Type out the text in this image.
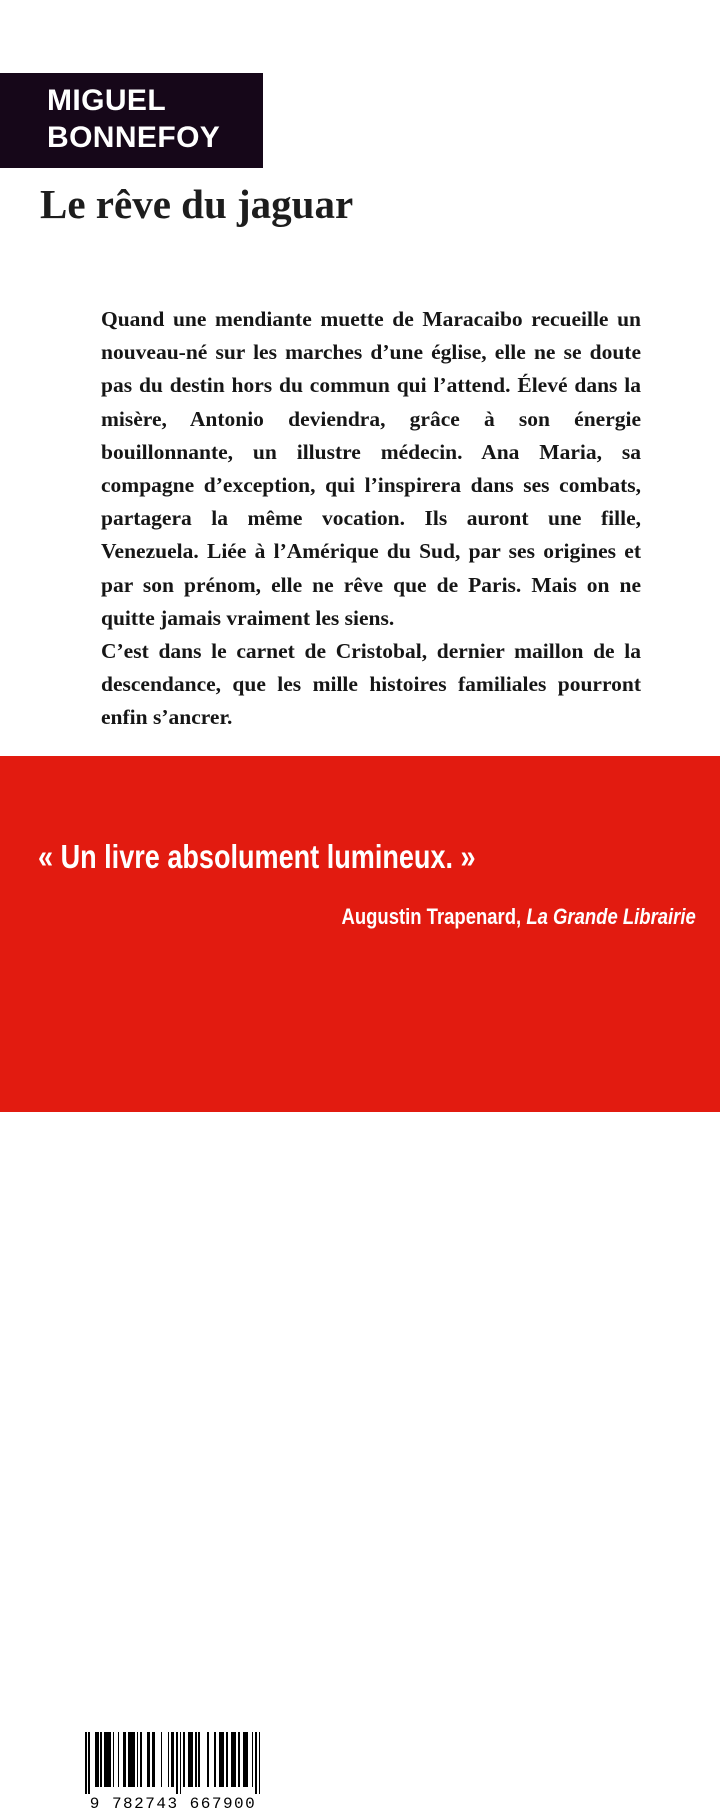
MIGUEL
BONNEFOY
Le rêve du jaguar

Quand une mendiante muette de Maracaibo recueille un nouveau-né sur les marches d’une église, elle ne se doute pas du destin hors du commun qui l’attend. Élevé dans la misère, Antonio deviendra, grâce à son énergie bouillonnante, un illustre médecin. Ana Maria, sa compagne d’exception, qui l’inspirera dans ses combats, partagera la même vocation. Ils auront une fille, Venezuela. Liée à l’Amérique du Sud, par ses origines et par son prénom, elle ne rêve que de Paris. Mais on ne quitte jamais vraiment les siens.

C’est dans le carnet de Cristobal, dernier maillon de la descendance, que les mille histoires familiales pourront enfin s’ancrer.

« Un livre absolument lumineux. »
Augustin Trapenard, La Grande Librairie
9 782743 667900
editions-rivages.fr
9,50 €
